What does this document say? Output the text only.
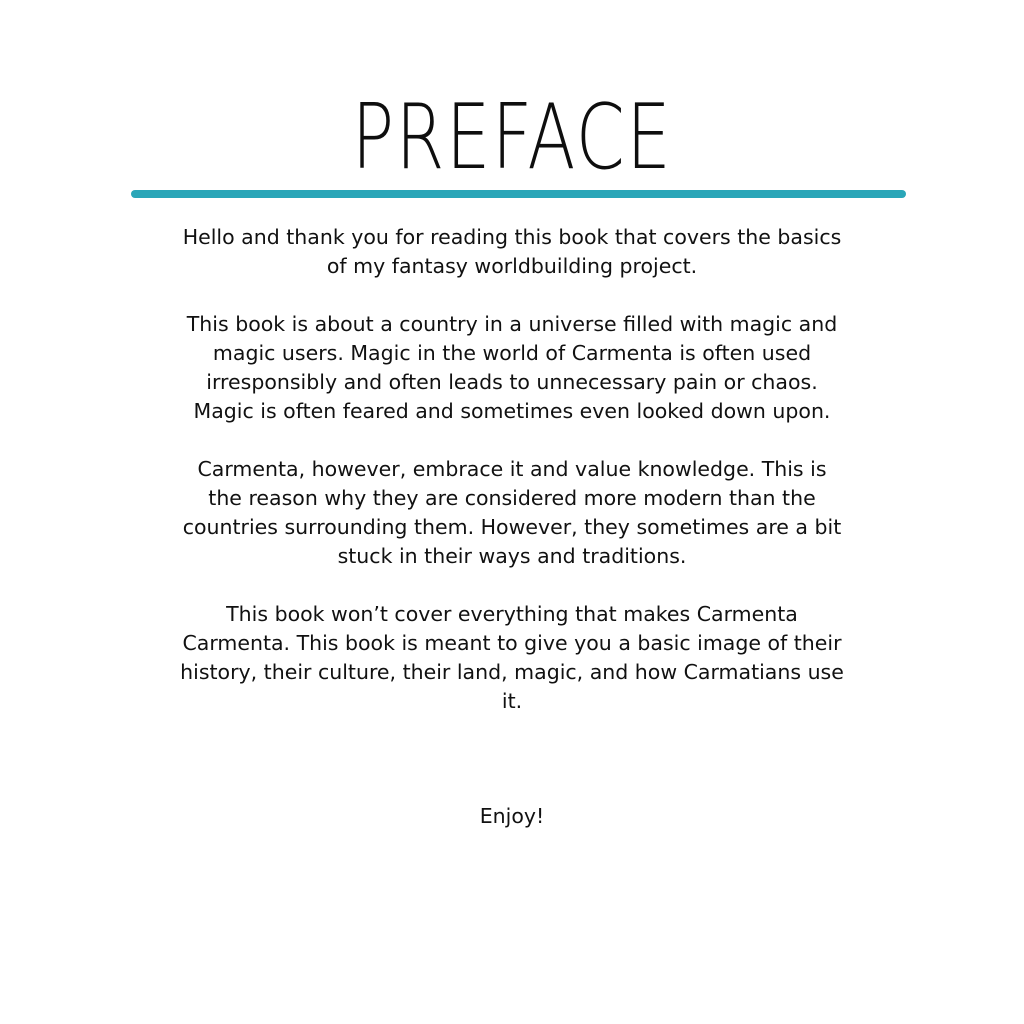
PREFACE

Hello and thank you for reading this book that covers the basics of my fantasy worldbuilding project.

This book is about a country in a universe filled with magic and magic users. Magic in the world of Carmenta is often used irresponsibly and often leads to unnecessary pain or chaos. Magic is often feared and sometimes even looked down upon.

Carmenta, however, embrace it and value knowledge. This is the reason why they are considered more modern than the countries surrounding them. However, they sometimes are a bit stuck in their ways and traditions.

This book won’t cover everything that makes Carmenta Carmenta. This book is meant to give you a basic image of their history, their culture, their land, magic, and how Carmatians use it.

Enjoy!
